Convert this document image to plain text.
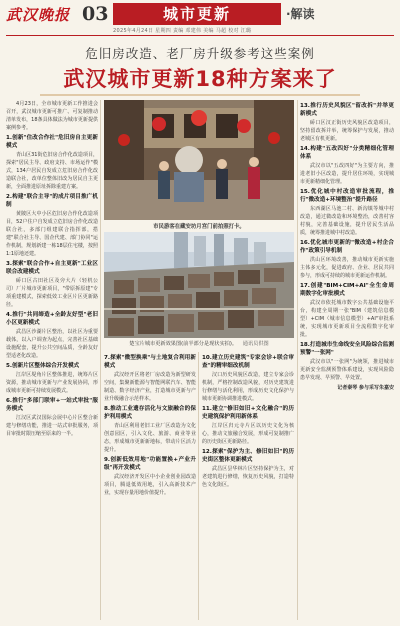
武汉晚报 03	城市更新	·解读
2025年4月24日 星期四 责编 邓建伟 美编 马超 校对 江璐
危旧房改造、老厂房升级参考这些案例
武汉城市更新18种方案来了

4月23日，全市城市更新工作推进会召开，武汉城市更新可推广、可复制推动清单发布，18条具体做法为城市更新提供案例参考。

1.创新"住改合作社"危旧房自主更新模式

青山区31街危旧房合作化改造项目，探索"居民主导、政府支持、市场运作"模式，134户居民自发成立危旧房合作化改造联合社，改单位整体旧改为居民自主更新，全面推进原址拆除重建方案。

2.构建"联合主导"的成片项目推广机制

黄陂区大中小区危旧房合作化改造项目，52户住户自发成立危旧房合作化改造联合社，多部门组建联合指挥部，搭建"联合社主导、国企代建、部门协同"运作机制，规划新建一栋18层住宅楼，按照1:1原地还建。

3.探索"联合合作+自主更新"工业区联合改建模式

硚口区古田社区及旁大片（轻机公司）厂片城市更新项目，"带原拆原建"专项重建模式，探索低效工业区片区更新路径。

4.推行"共同缔造+全龄友好型"老旧小区更新模式

武昌区沙湖片区整治，以社区为重要载体，以入户调查为起点，完善社区基础设施配套，提升公共空间品质，全龄友好型适老化改造。

5.创新片区整体综合开发模式

江岸区堤角片区整体推进，统筹片区资源，推动城市更新与产业发展协同，形成城市更新可持续发展模式。

6.推行"多部门联审+一站式审批"服务模式

江汉区武汉国际会展中心片区整合新建与修缮功能，推进一站式审批服务，项目审批时限压缩至原来的一半。

市民游客在藏安坊月宫门前拍照打卡。
楚宝片城市更新效果图(前半部分是现状实拍)。 通讯员供图
7.探索"微型换乘"与土地复合利用新模式

武汉经开区将老厂房改造为新型研发空间，集聚新能源与智能网联汽车、智能制造、数字经济产业，打造城市更新与产业升级融合示范样本。

8.推动工业遗存活化与文旅融合的保护利用模式

青山区利用老旧工业厂区改造为文化创意园区，引入文化、旅游、商业等业态，形成城市更新新地标，带动片区活力提升。

9.创新低效用地"功能置换+产业升级"再开发模式

武汉经济开发区中小企业创业园改造项目，腾退低效用地，引入高新技术产业，实现存量用地价值提升。

10.建立历史建筑"专家会诊+联合审查"的精审细改机制

汉口历史风貌区改造，建立专家会诊机制，严格控制改造风貌，对历史建筑进行修缮与活化利用，形成历史文化保护与城市更新协调推进模式。

11.建立"修旧如旧+文化融合"的历史建筑保护利用新体系

江岸区归元寺片区以历史文化为核心，推动文旅融合发展，形成可复制推广的历史街区更新路径。

12.探索"保护为主、修旧如旧"的历史街区整体更新模式

武昌区昙华林片区坚持保护为主，对老建筑进行修缮，恢复历史风貌，打造特色文化街区。

13.推行历史风貌区"留改拆"并举更新模式

硚口区汉正街历史风貌区改造项目，坚持留改拆并举，统筹保护与发展，推动老城区有机更新。

14.构建"五改四好"分类精细化管理体系

武汉市以"五改四好"为主要方向，推进老旧小区改造，提升居住环境，实现城市更新精细化管理。

15.优化城中村改造审批流程，推行"微改造+环境整治"提升路径

东西湖区马池二村、新沟镇等城中村改造，通过微改造和环境整治，改善村容村貌，完善基础设施，提升居民生活品质，统筹推进城中村改造。

16.优化城市更新的"微改造+村企合作"政策引导机制

洪山区环境改善，推动城市更新实施主体多元化，促进政府、企业、居民共同参与，形成可持续的城市更新运作机制。

17.创建"BIM+CIM+AI"全生命周期数字化审批模式

武汉市依托城市数字公共基础设施平台，构建全周期一张"BIM（建筑信息模型）+CIM（城市信息模型）+AI"审批系统，实现城市更新项目全流程数字化审批。

18.打造城市生命线安全风险综合监测预警"一张网"

武汉市以"一张网"为统领，推进城市更新安全监测预警体系建设，实现风险隐患早发现、早预警、早处置。

记者秦琴 参与采写朱嘉安
